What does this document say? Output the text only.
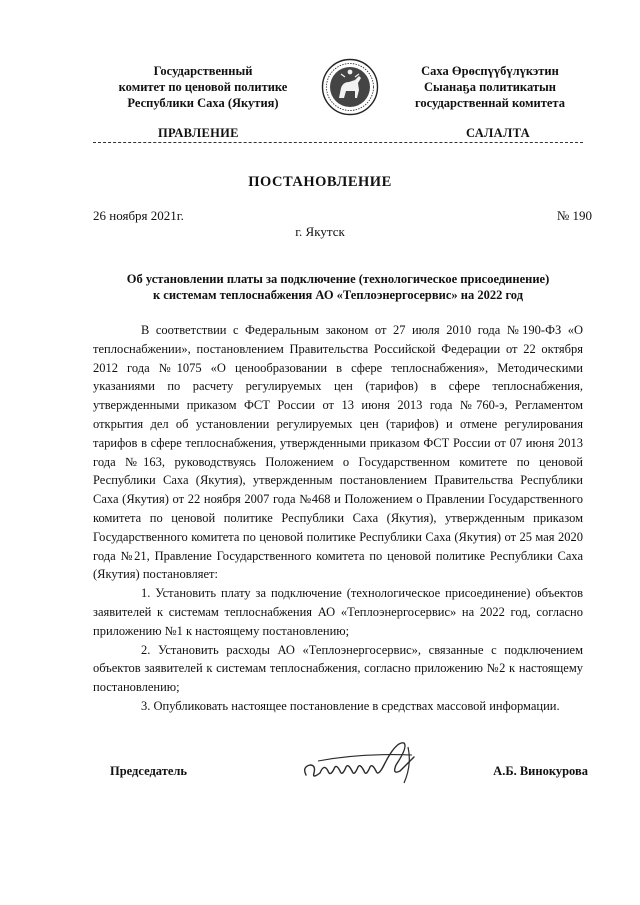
Государственный
комитет по ценовой политике
Республики Саха (Якутия)
Саха Өрөспүүбүлүкэтин
Сыанаҕа политикатын
государственнай комитета
ПРАВЛЕНИЕ	САЛАЛТА
ПОСТАНОВЛЕНИЕ
26 ноября 2021г.	№ 190
г. Якутск
Об установлении платы за подключение (технологическое присоединение)
к системам теплоснабжения АО «Теплоэнергосервис» на 2022 год

В соответствии с Федеральным законом от 27 июля 2010 года №190-ФЗ «О теплоснабжении», постановлением Правительства Российской Федерации от 22 октября 2012 года №1075 «О ценообразовании в сфере теплоснабжения», Методическими указаниями по расчету регулируемых цен (тарифов) в сфере теплоснабжения, утвержденными приказом ФСТ России от 13 июня 2013 года №760-э, Регламентом открытия дел об установлении регулируемых цен (тарифов) и отмене регулирования тарифов в сфере теплоснабжения, утвержденными приказом ФСТ России от 07 июня 2013 года №163, руководствуясь Положением о Государственном комитете по ценовой Республики Саха (Якутия), утвержденным постановлением Правительства Республики Саха (Якутия) от 22 ноября 2007 года №468 и Положением о Правлении Государственного комитета по ценовой политике Республики Саха (Якутия), утвержденным приказом Государственного комитета по ценовой политике Республики Саха (Якутия) от 25 мая 2020 года №21, Правление Государственного комитета по ценовой политике Республики Саха (Якутия) постановляет:

1. Установить плату за подключение (технологическое присоединение) объектов заявителей к системам теплоснабжения АО «Теплоэнергосервис» на 2022 год, согласно приложению №1 к настоящему постановлению;

2. Установить расходы АО «Теплоэнергосервис», связанные с подключением объектов заявителей к системам теплоснабжения, согласно приложению №2 к настоящему постановлению;

3. Опубликовать настоящее постановление в средствах массовой информации.

Председатель	А.Б. Винокурова
